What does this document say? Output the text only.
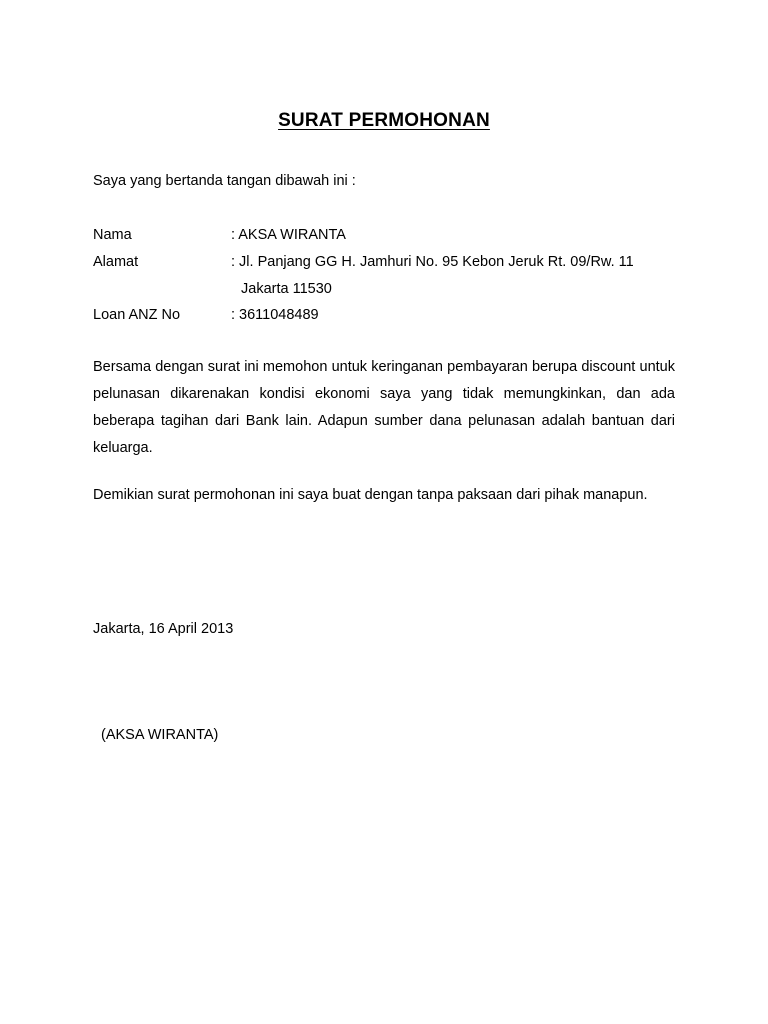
SURAT PERMOHONAN
Saya yang bertanda tangan dibawah ini :
Nama	: AKSA WIRANTA
Alamat	: Jl. Panjang GG H. Jamhuri No. 95 Kebon Jeruk Rt. 09/Rw. 11
Jakarta 11530
Loan ANZ No	: 3611048489
Bersama dengan surat ini memohon untuk keringanan pembayaran berupa discount untuk pelunasan dikarenakan kondisi ekonomi saya yang tidak memungkinkan, dan ada beberapa tagihan dari Bank lain. Adapun sumber dana pelunasan adalah bantuan dari keluarga.
Demikian surat permohonan ini saya buat dengan tanpa paksaan dari pihak manapun.
Jakarta, 16 April 2013
(AKSA WIRANTA)
